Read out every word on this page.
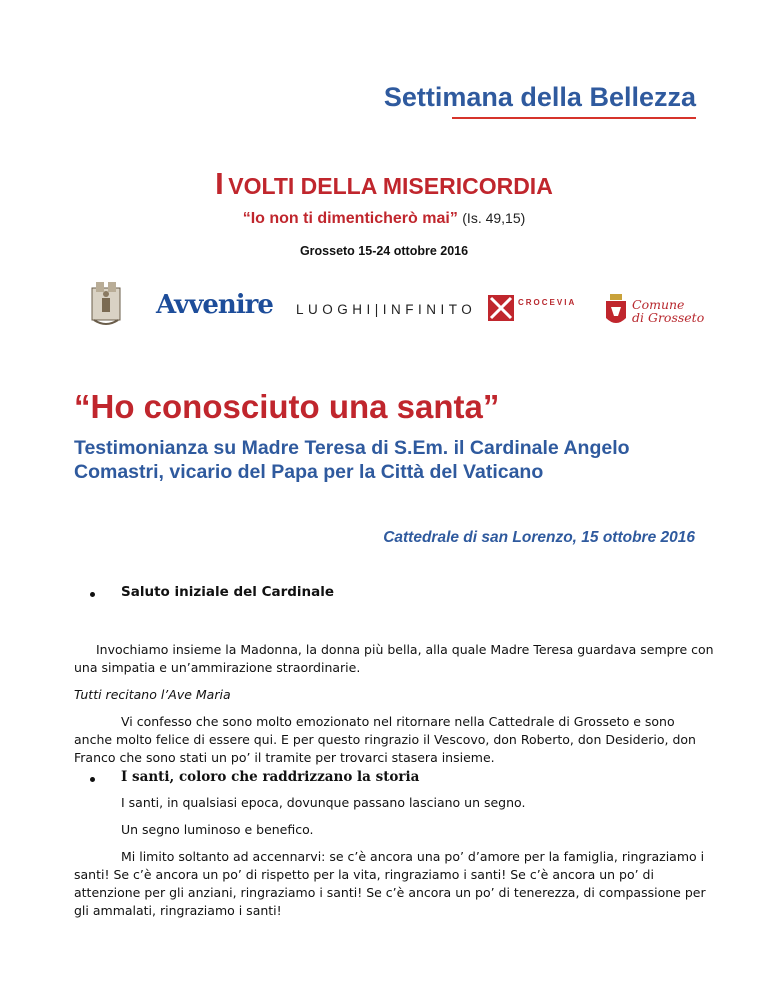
Settimana della Bellezza
I VOLTI DELLA MISERICORDIA
“Io non ti dimenticherò mai” (Is. 49,15)
Grosseto 15-24 ottobre 2016
Avvenire LUOGHI|INFINITO	CROCEVIA	Comune
di Grosseto
“Ho conosciuto una santa”
Testimonianza su Madre Teresa di S.Em. il Cardinale Angelo Comastri, vicario del Papa per la Città del Vaticano
Cattedrale di san Lorenzo, 15 ottobre 2016
Saluto iniziale del Cardinale
Invochiamo insieme la Madonna, la donna più bella, alla quale Madre Teresa guardava sempre con una simpatia e un’ammirazione straordinarie.
Tutti recitano l’Ave Maria
Vi confesso che sono molto emozionato nel ritornare nella Cattedrale di Grosseto e sono anche molto felice di essere qui. E per questo ringrazio il Vescovo, don Roberto, don Desiderio, don Franco che sono stati un po’ il tramite per trovarci stasera insieme.
I santi, coloro che raddrizzano la storia
I santi, in qualsiasi epoca, dovunque passano lasciano un segno.
Un segno luminoso e benefico.
Mi limito soltanto ad accennarvi: se c’è ancora una po’ d’amore per la famiglia, ringraziamo i santi! Se c’è ancora un po’ di rispetto per la vita, ringraziamo i santi! Se c’è ancora un po’ di attenzione per gli anziani, ringraziamo i santi! Se c’è ancora un po’ di tenerezza, di compassione per gli ammalati, ringraziamo i santi!
